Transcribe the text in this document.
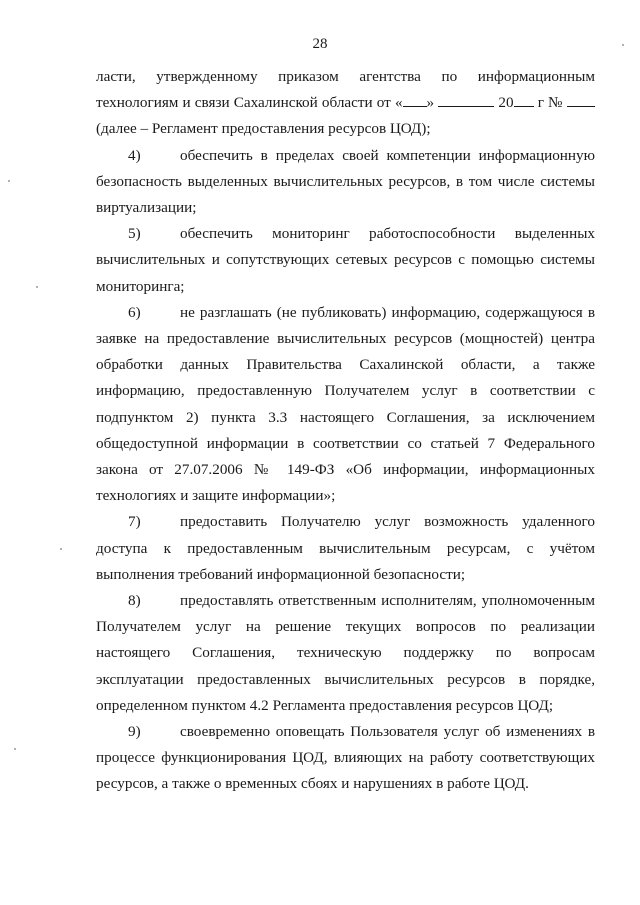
28

ласти, утвержденному приказом агентства по информационным технологиям и связи Сахалинской области от « »	20 г №  (далее – Регламент предоставления ресурсов ЦОД);

4)	обеспечить в пределах своей компетенции информационную безопасность выделенных вычислительных ресурсов, в том числе системы виртуализации;

5)	обеспечить мониторинг работоспособности выделенных вычислительных и сопутствующих сетевых ресурсов с помощью системы мониторинга;

6)	не разглашать (не публиковать) информацию, содержащуюся в заявке на предоставление вычислительных ресурсов (мощностей) центра обработки данных Правительства Сахалинской области, а также информацию, предоставленную Получателем услуг в соответствии с подпунктом 2) пункта 3.3 настоящего Соглашения, за исключением общедоступной информации в соответствии со статьей 7 Федерального закона от 27.07.2006 № 149-ФЗ «Об информации, информационных технологиях и защите информации»;

7)	предоставить Получателю услуг возможность удаленного доступа к предоставленным вычислительным ресурсам, с учётом выполнения требований информационной безопасности;

8)	предоставлять ответственным исполнителям, уполномоченным Получателем услуг на решение текущих вопросов по реализации настоящего Соглашения, техническую поддержку по вопросам эксплуатации предоставленных вычислительных ресурсов в порядке, определенном пунктом 4.2 Регламента предоставления ресурсов ЦОД;

9)	своевременно оповещать Пользователя услуг об изменениях в процессе функционирования ЦОД, влияющих на работу соответствующих ресурсов, а также о временных сбоях и нарушениях в работе ЦОД.
